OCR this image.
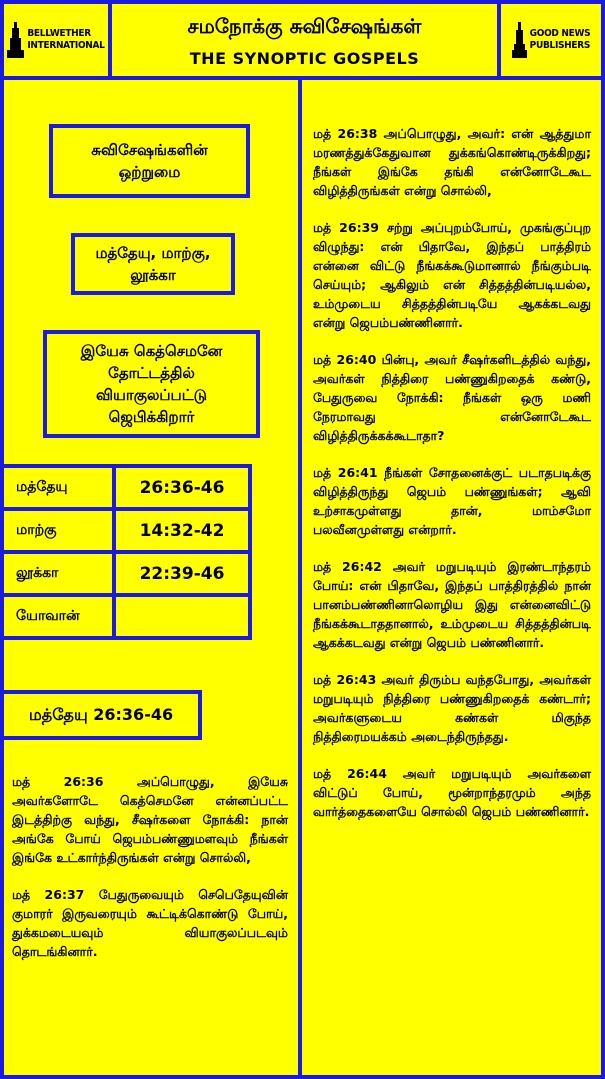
BELLWETHER
INTERNATIONAL
சமநோக்கு சுவிசேஷங்கள்
THE SYNOPTIC GOSPELS
GOOD NEWS
PUBLISHERS
சுவிசேஷங்களின் ஒற்றுமை
மத்தேயு, மாற்கு, லூக்கா
இயேசு கெத்செமனே தோட்டத்தில் வியாகுலப்பட்டு ஜெபிக்கிறார்
மத்தேயு	26:36-46
மாற்கு	14:32-42
லூக்கா	22:39-46
யோவான்	
மத்தேயு 26:36-46

மத் 26:36 அப்பொழுது, இயேசு அவர்களோடே கெத்செமனே என்னப்பட்ட இடத்திற்கு வந்து, சீஷர்களை நோக்கி: நான் அங்கே போய் ஜெபம்பண்ணுமளவும் நீங்கள் இங்கே உட்கார்ந்திருங்கள் என்று சொல்லி,

மத் 26:37 பேதுருவையும் செபெதேயுவின் குமாரர் இருவரையும் கூட்டிக்கொண்டு போய், துக்கமடையவும் வியாகுலப்படவும் தொடங்கினார்.

மத் 26:38 அப்பொழுது, அவர்: என் ஆத்துமா மரணத்துக்கேதுவான துக்கங்கொண்டிருக்கிறது; நீங்கள் இங்கே தங்கி என்னோடேகூட விழித்திருங்கள் என்று சொல்லி,

மத் 26:39 சற்று அப்புறம்போய், முகங்குப்புற விழுந்து: என் பிதாவே, இந்தப் பாத்திரம் என்னை விட்டு நீங்கக்கூடுமானால் நீங்கும்படி செய்யும்; ஆகிலும் என் சித்தத்தின்படியல்ல, உம்முடைய சித்தத்தின்படியே ஆகக்கடவது என்று ஜெபம்பண்ணினார்.

மத் 26:40 பின்பு, அவர் சீஷர்களிடத்தில் வந்து, அவர்கள் நித்திரை பண்ணுகிறதைக் கண்டு, பேதுருவை நோக்கி: நீங்கள் ஒரு மணி நேரமாவது என்னோடேகூட விழித்திருக்கக்கூடாதா?

மத் 26:41 நீங்கள் சோதனைக்குட் படாதபடிக்கு விழித்திருந்து ஜெபம் பண்ணுங்கள்; ஆவி உற்சாகமுள்ளது தான், மாம்சமோ பலவீனமுள்ளது என்றார்.

மத் 26:42 அவர் மறுபடியும் இரண்டாந்தரம் போய்: என் பிதாவே, இந்தப் பாத்திரத்தில் நான் பானம்பண்ணினாலொழிய இது என்னைவிட்டு நீங்கக்கூடாததானால், உம்முடைய சித்தத்தின்படி ஆகக்கடவது என்று ஜெபம் பண்ணினார்.

மத் 26:43 அவர் திரும்ப வந்தபோது, அவர்கள் மறுபடியும் நித்திரை பண்ணுகிறதைக் கண்டார்; அவர்களுடைய கண்கள் மிகுந்த நித்திரைமயக்கம் அடைந்திருந்தது.

மத் 26:44 அவர் மறுபடியும் அவர்களை விட்டுப் போய், மூன்றாந்தரமும் அந்த வார்த்தைகளையே சொல்லி ஜெபம் பண்ணினார்.
